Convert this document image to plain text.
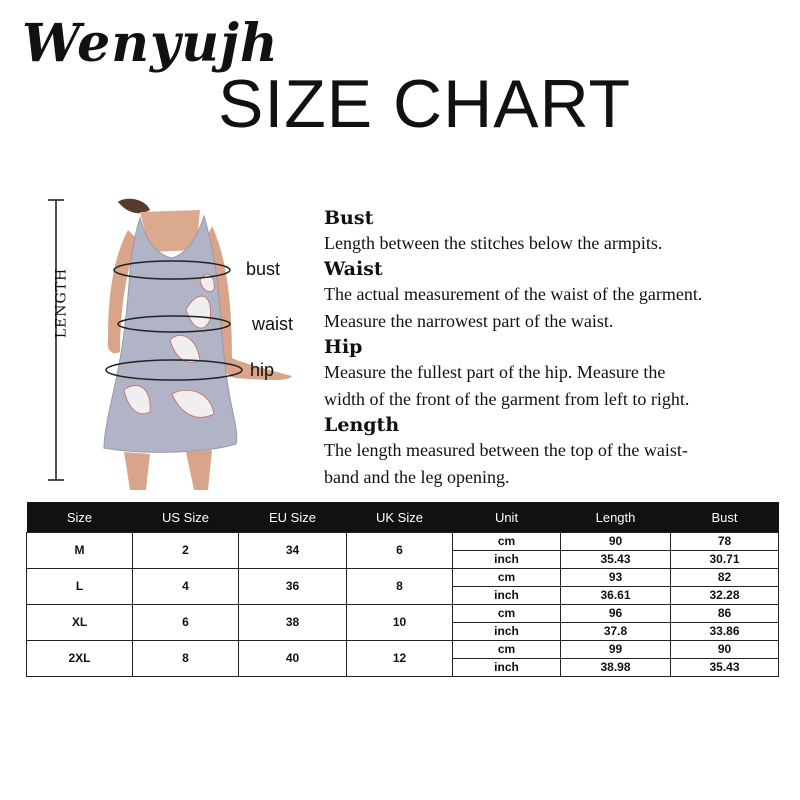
Wenyujh
SIZE CHART
LENGTH	bust
waist
hip
Bust
Length between the stitches below the armpits.
Waist
The actual measurement of the waist of the garment.
Measure the narrowest part of the waist.
Hip
Measure the fullest part of the hip. Measure the
width of the front of the garment from left to right.
Length
The length measured between the top of the waist-
band and the leg opening.
Size	US Size	EU Size	UK Size	Unit	Length	Bust
M	2	34	6	cm	90	78
				inch	35.43	30.71
L	4	36	8	cm	93	82
				inch	36.61	32.28
XL	6	38	10	cm	96	86
				inch	37.8	33.86
2XL	8	40	12	cm	99	90
				inch	38.98	35.43
